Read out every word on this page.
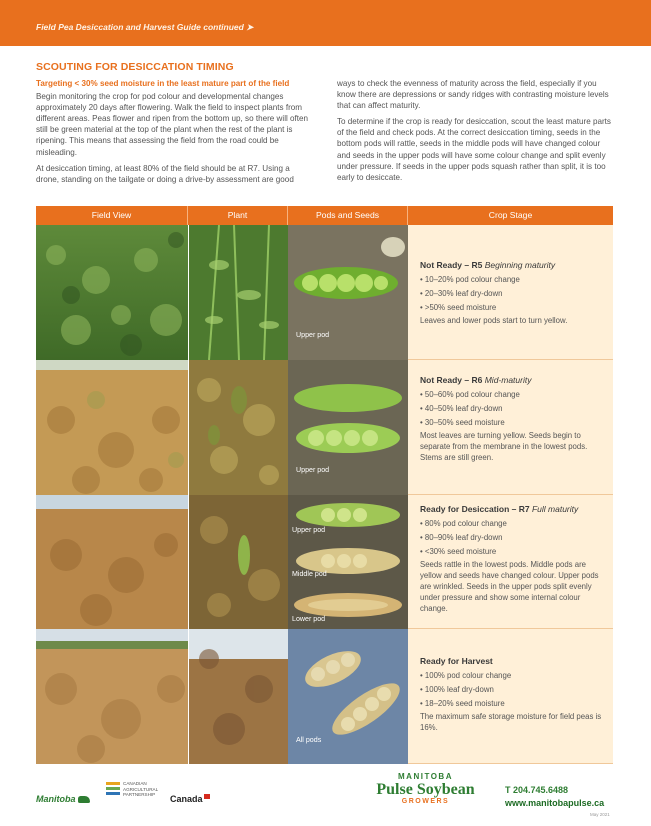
Field Pea Desiccation and Harvest Guide continued ➤
SCOUTING FOR DESICCATION TIMING

Targeting < 30% seed moisture in the least mature part of the field

Begin monitoring the crop for pod colour and developmental changes approximately 20 days after flowering. Walk the field to inspect plants from different areas. Peas flower and ripen from the bottom up, so there will often still be green material at the top of the plant when the rest of the plant is ripening. This means that assessing the field from the road could be misleading.

At desiccation timing, at least 80% of the field should be at R7. Using a drone, standing on the tailgate or doing a drive-by assessment are good

ways to check the evenness of maturity across the field, especially if you know there are depressions or sandy ridges with contrasting moisture levels that can affect maturity.

To determine if the crop is ready for desiccation, scout the least mature parts of the field and check pods. At the correct desiccation timing, seeds in the bottom pods will rattle, seeds in the middle pods will have changed colour and seeds in the upper pods will have some colour change and split evenly under pressure. If seeds in the upper pods squash rather than split, it is too early to desiccate.

Field View	Plant	Pods and Seeds	Crop Stage
Upper pod
Not Ready – R5 Beginning maturity
• 10–20% pod colour change
• 20–30% leaf dry-down
• >50% seed moisture
Leaves and lower pods start to turn yellow.
Upper pod
Not Ready – R6 Mid-maturity
• 50–60% pod colour change
• 40–50% leaf dry-down
• 30–50% seed moisture
Most leaves are turning yellow. Seeds begin to separate from the membrane in the lowest pods. Stems are still green.
Upper pod
Middle pod
Lower pod
Ready for Desiccation – R7 Full maturity
• 80% pod colour change
• 80–90% leaf dry-down
• <30% seed moisture
Seeds rattle in the lowest pods. Middle pods are yellow and seeds have changed colour. Upper pods are wrinkled. Seeds in the upper pods split evenly under pressure and show some internal colour change.
All pods
Ready for Harvest
• 100% pod colour change
• 100% leaf dry-down
• 18–20% seed moisture
The maximum safe storage moisture for field peas is 16%.
Manitoba
CANADIAN
AGRICULTURAL
PARTNERSHIP	Canada
MANITOBA
Pulse Soybean
GROWERS
T 204.745.6488
www.manitobapulse.ca
May 2021
